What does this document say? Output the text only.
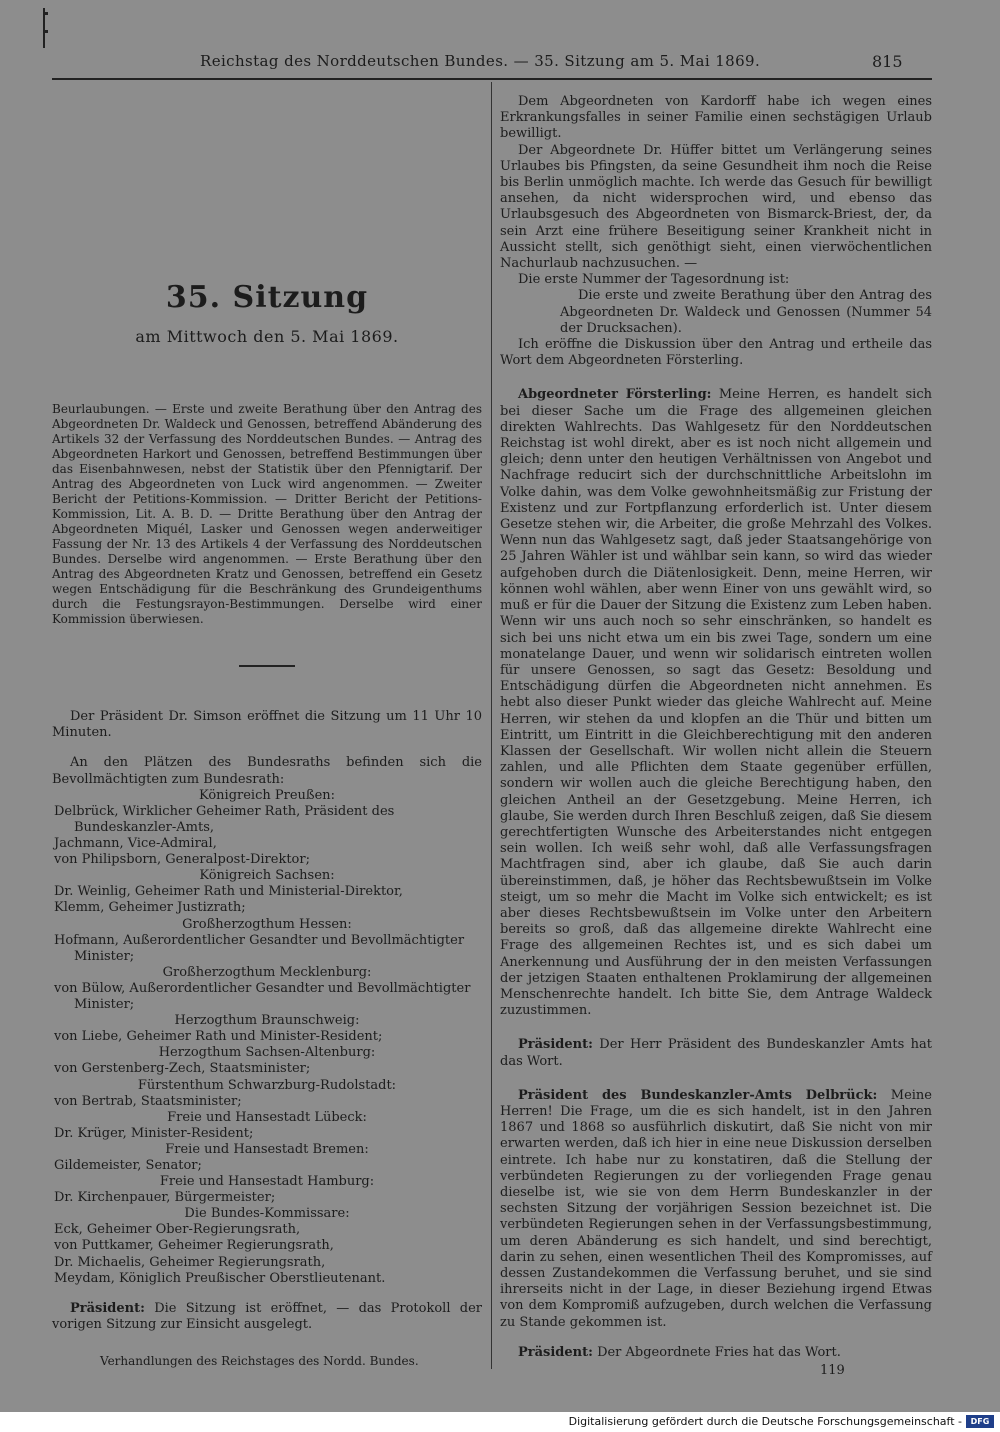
Reichstag des Norddeutschen Bundes. — 35. Sitzung am 5. Mai 1869.	815
35. Sitzung
am Mittwoch den 5. Mai 1869.

Beurlaubungen. — Erste und zweite Berathung über den Antrag des Abgeordneten Dr. Waldeck und Genossen, betreffend Abänderung des Artikels 32 der Verfassung des Norddeutschen Bundes. — Antrag des Abgeordneten Harkort und Genossen, betreffend Bestimmungen über das Eisenbahnwesen, nebst der Statistik über den Pfennigtarif. Der Antrag des Abgeordneten von Luck wird angenommen. — Zweiter Bericht der Petitions-Kommission. — Dritter Bericht der Petitions-Kommission, Lit. A. B. D. — Dritte Berathung über den Antrag der Abgeordneten Miquél, Lasker und Genossen wegen anderweitiger Fassung der Nr. 13 des Artikels 4 der Verfassung des Norddeutschen Bundes. Derselbe wird angenommen. — Erste Berathung über den Antrag des Abgeordneten Kratz und Genossen, betreffend ein Gesetz wegen Entschädigung für die Beschränkung des Grundeigenthums durch die Festungsrayon-Bestimmungen. Derselbe wird einer Kommission überwiesen.

Der Präsident Dr. Simson eröffnet die Sitzung um 11 Uhr 10 Minuten.

An den Plätzen des Bundesraths befinden sich die Bevollmächtigten zum Bundesrath:

Königreich Preußen:
Delbrück, Wirklicher Geheimer Rath, Präsident des Bundeskanzler-Amts,
Jachmann, Vice-Admiral,
von Philipsborn, Generalpost-Direktor;
Königreich Sachsen:
Dr. Weinlig, Geheimer Rath und Ministerial-Direktor,
Klemm, Geheimer Justizrath;
Großherzogthum Hessen:
Hofmann, Außerordentlicher Gesandter und Bevollmächtigter Minister;
Großherzogthum Mecklenburg:
von Bülow, Außerordentlicher Gesandter und Bevollmächtigter Minister;
Herzogthum Braunschweig:
von Liebe, Geheimer Rath und Minister-Resident;
Herzogthum Sachsen-Altenburg:
von Gerstenberg-Zech, Staatsminister;
Fürstenthum Schwarzburg-Rudolstadt:
von Bertrab, Staatsminister;
Freie und Hansestadt Lübeck:
Dr. Krüger, Minister-Resident;
Freie und Hansestadt Bremen:
Gildemeister, Senator;
Freie und Hansestadt Hamburg:
Dr. Kirchenpauer, Bürgermeister;
Die Bundes-Kommissare:
Eck, Geheimer Ober-Regierungsrath,
von Puttkamer, Geheimer Regierungsrath,
Dr. Michaelis, Geheimer Regierungsrath,
Meydam, Königlich Preußischer Oberstlieutenant.

Präsident: Die Sitzung ist eröffnet, — das Protokoll der vorigen Sitzung zur Einsicht ausgelegt.

Verhandlungen des Reichstages des Nordd. Bundes.

Dem Abgeordneten von Kardorff habe ich wegen eines Erkrankungsfalles in seiner Familie einen sechstägigen Urlaub bewilligt.

Der Abgeordnete Dr. Hüffer bittet um Verlängerung seines Urlaubes bis Pfingsten, da seine Gesundheit ihm noch die Reise bis Berlin unmöglich machte. Ich werde das Gesuch für bewilligt ansehen, da nicht widersprochen wird, und ebenso das Urlaubsgesuch des Abgeordneten von Bismarck-Briest, der, da sein Arzt eine frühere Beseitigung seiner Krankheit nicht in Aussicht stellt, sich genöthigt sieht, einen vierwöchentlichen Nachurlaub nachzusuchen. —

Die erste Nummer der Tagesordnung ist:

Die erste und zweite Berathung über den Antrag des Abgeordneten Dr. Waldeck und Genossen (Nummer 54 der Drucksachen).

Ich eröffne die Diskussion über den Antrag und ertheile das Wort dem Abgeordneten Försterling.

Abgeordneter Försterling: Meine Herren, es handelt sich bei dieser Sache um die Frage des allgemeinen gleichen direkten Wahlrechts. Das Wahlgesetz für den Norddeutschen Reichstag ist wohl direkt, aber es ist noch nicht allgemein und gleich; denn unter den heutigen Verhältnissen von Angebot und Nachfrage reducirt sich der durchschnittliche Arbeitslohn im Volke dahin, was dem Volke gewohnheitsmäßig zur Fristung der Existenz und zur Fortpflanzung erforderlich ist. Unter diesem Gesetze stehen wir, die Arbeiter, die große Mehrzahl des Volkes. Wenn nun das Wahlgesetz sagt, daß jeder Staatsangehörige von 25 Jahren Wähler ist und wählbar sein kann, so wird das wieder aufgehoben durch die Diätenlosigkeit. Denn, meine Herren, wir können wohl wählen, aber wenn Einer von uns gewählt wird, so muß er für die Dauer der Sitzung die Existenz zum Leben haben. Wenn wir uns auch noch so sehr einschränken, so handelt es sich bei uns nicht etwa um ein bis zwei Tage, sondern um eine monatelange Dauer, und wenn wir solidarisch eintreten wollen für unsere Genossen, so sagt das Gesetz: Besoldung und Entschädigung dürfen die Abgeordneten nicht annehmen. Es hebt also dieser Punkt wieder das gleiche Wahlrecht auf. Meine Herren, wir stehen da und klopfen an die Thür und bitten um Eintritt, um Eintritt in die Gleichberechtigung mit den anderen Klassen der Gesellschaft. Wir wollen nicht allein die Steuern zahlen, und alle Pflichten dem Staate gegenüber erfüllen, sondern wir wollen auch die gleiche Berechtigung haben, den gleichen Antheil an der Gesetzgebung. Meine Herren, ich glaube, Sie werden durch Ihren Beschluß zeigen, daß Sie diesem gerechtfertigten Wunsche des Arbeiterstandes nicht entgegen sein wollen. Ich weiß sehr wohl, daß alle Verfassungsfragen Machtfragen sind, aber ich glaube, daß Sie auch darin übereinstimmen, daß, je höher das Rechtsbewußtsein im Volke steigt, um so mehr die Macht im Volke sich entwickelt; es ist aber dieses Rechtsbewußtsein im Volke unter den Arbeitern bereits so groß, daß das allgemeine direkte Wahlrecht eine Frage des allgemeinen Rechtes ist, und es sich dabei um Anerkennung und Ausführung der in den meisten Verfassungen der jetzigen Staaten enthaltenen Proklamirung der allgemeinen Menschenrechte handelt. Ich bitte Sie, dem Antrage Waldeck zuzustimmen.

Präsident: Der Herr Präsident des Bundeskanzler Amts hat das Wort.

Präsident des Bundeskanzler-Amts Delbrück: Meine Herren! Die Frage, um die es sich handelt, ist in den Jahren 1867 und 1868 so ausführlich diskutirt, daß Sie nicht von mir erwarten werden, daß ich hier in eine neue Diskussion derselben eintrete. Ich habe nur zu konstatiren, daß die Stellung der verbündeten Regierungen zu der vorliegenden Frage genau dieselbe ist, wie sie von dem Herrn Bundeskanzler in der sechsten Sitzung der vorjährigen Session bezeichnet ist. Die verbündeten Regierungen sehen in der Verfassungsbestimmung, um deren Abänderung es sich handelt, und sind berechtigt, darin zu sehen, einen wesentlichen Theil des Kompromisses, auf dessen Zustandekommen die Verfassung beruhet, und sie sind ihrerseits nicht in der Lage, in dieser Beziehung irgend Etwas von dem Kompromiß aufzugeben, durch welchen die Verfassung zu Stande gekommen ist.

Präsident: Der Abgeordnete Fries hat das Wort.

119
Digitalisierung gefördert durch die Deutsche Forschungsgemeinschaft -	DFG
